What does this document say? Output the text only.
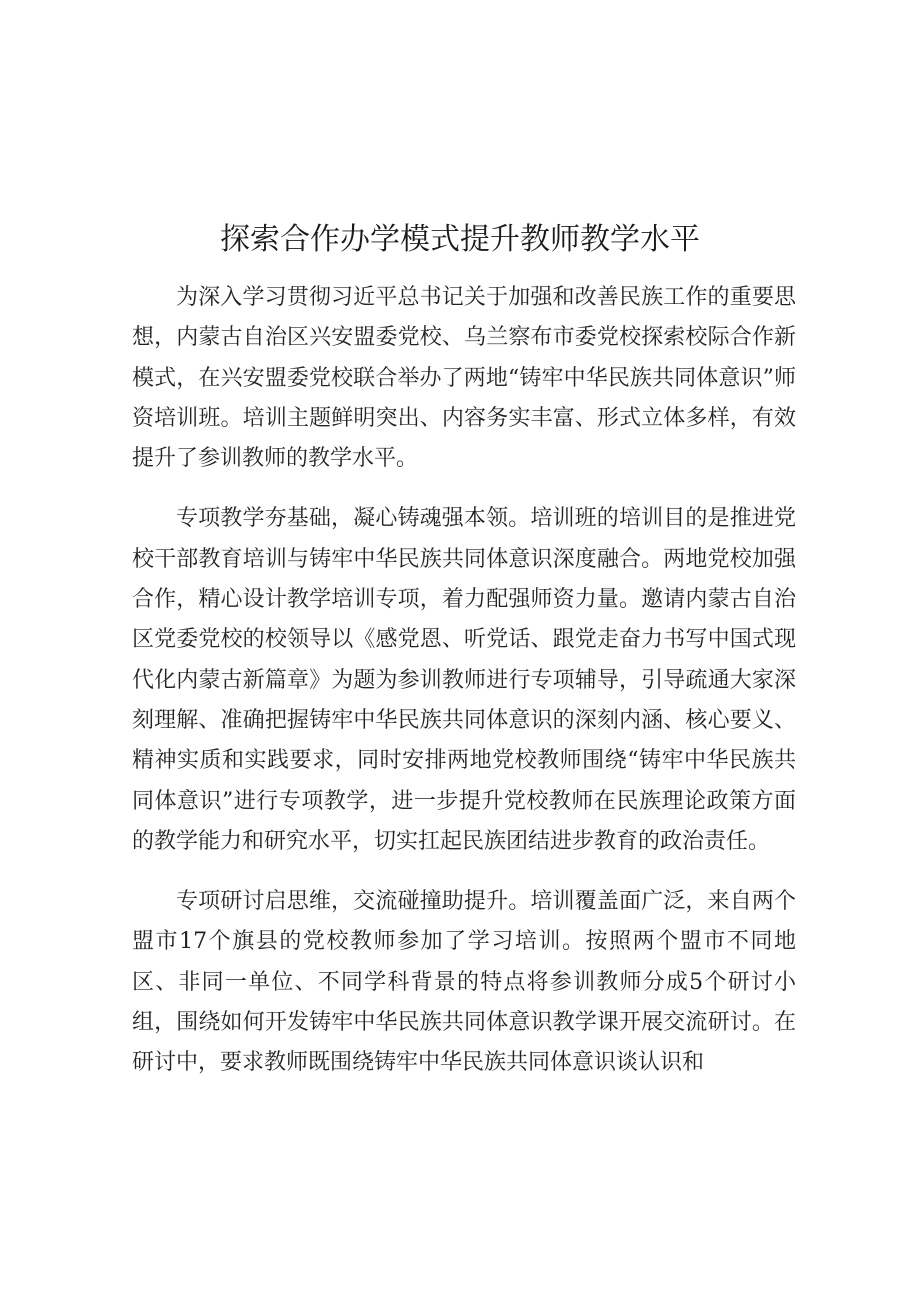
探索合作办学模式提升教师教学水平

为深入学习贯彻习近平总书记关于加强和改善民族工作的重要思想，内蒙古自治区兴安盟委党校、乌兰察布市委党校探索校际合作新模式，在兴安盟委党校联合举办了两地“铸牢中华民族共同体意识”师资培训班。培训主题鲜明突出、内容务实丰富、形式立体多样，有效提升了参训教师的教学水平。

专项教学夯基础，凝心铸魂强本领。培训班的培训目的是推进党校干部教育培训与铸牢中华民族共同体意识深度融合。两地党校加强合作，精心设计教学培训专项，着力配强师资力量。邀请内蒙古自治区党委党校的校领导以《感党恩、听党话、跟党走奋力书写中国式现代化内蒙古新篇章》为题为参训教师进行专项辅导，引导疏通大家深刻理解、准确把握铸牢中华民族共同体意识的深刻内涵、核心要义、精神实质和实践要求，同时安排两地党校教师围绕“铸牢中华民族共同体意识”进行专项教学，进一步提升党校教师在民族理论政策方面的教学能力和研究水平，切实扛起民族团结进步教育的政治责任。

专项研讨启思维，交流碰撞助提升。培训覆盖面广泛，来自两个盟市17个旗县的党校教师参加了学习培训。按照两个盟市不同地区、非同一单位、不同学科背景的特点将参训教师分成5个研讨小组，围绕如何开发铸牢中华民族共同体意识教学课开展交流研讨。在研讨中，要求教师既围绕铸牢中华民族共同体意识谈认识和
